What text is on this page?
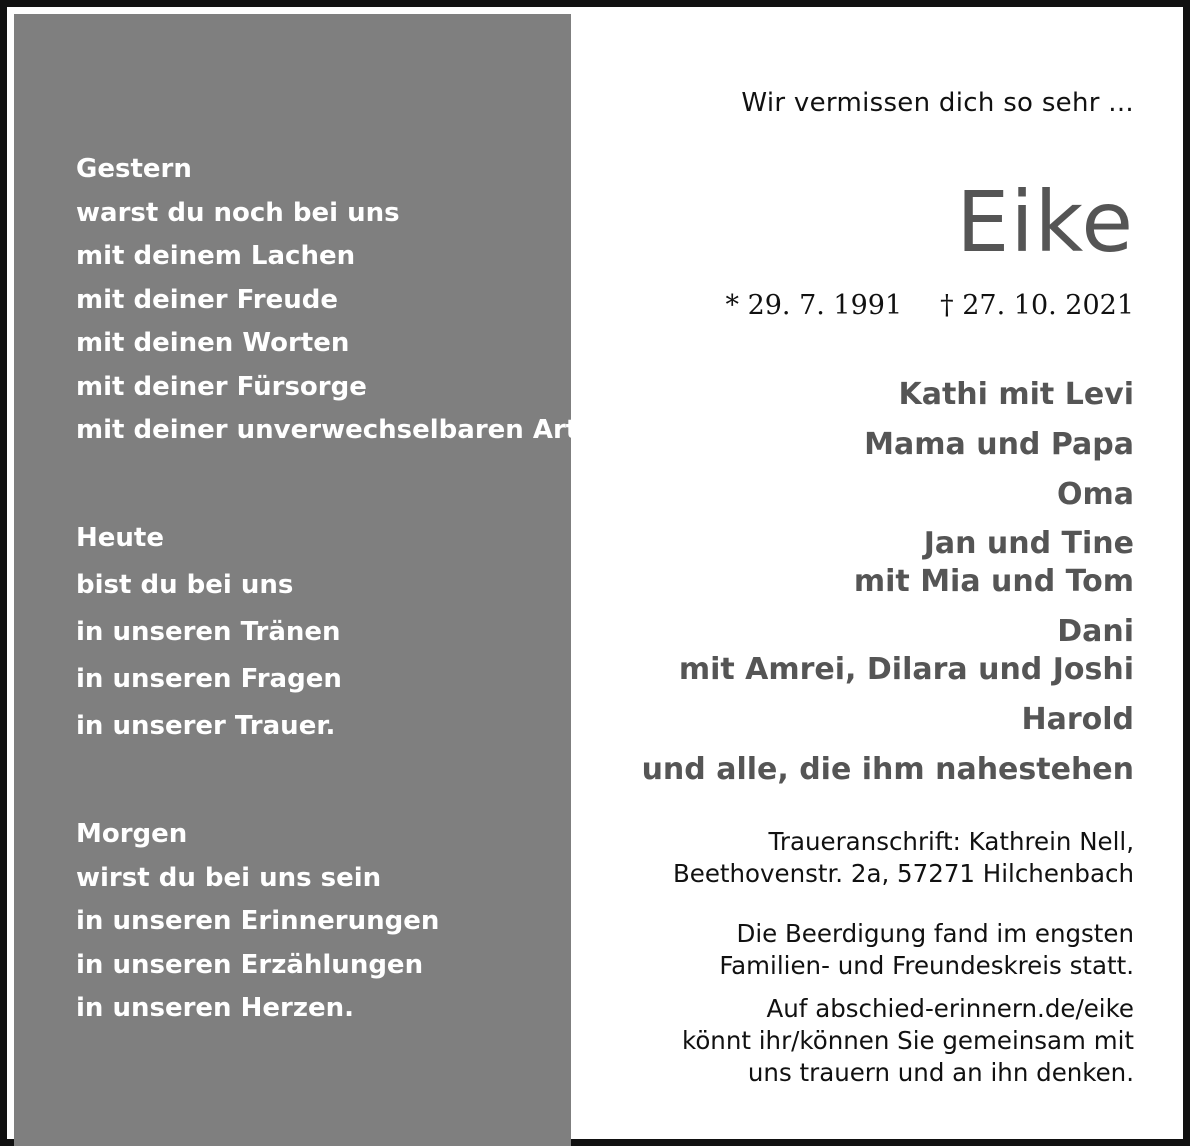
Gestern
warst du noch bei uns
mit deinem Lachen
mit deiner Freude
mit deinen Worten
mit deiner Fürsorge
mit deiner unverwechselbaren Art.
Heute
bist du bei uns
in unseren Tränen
in unseren Fragen
in unserer Trauer.
Morgen
wirst du bei uns sein
in unseren Erinnerungen
in unseren Erzählungen
in unseren Herzen.
Wir vermissen dich so sehr ...
Eike
* 29. 7. 1991 † 27. 10. 2021
Kathi mit Levi
Mama und Papa
Oma
Jan und Tine
mit Mia und Tom
Dani
mit Amrei, Dilara und Joshi
Harold
und alle, die ihm nahestehen
Traueranschrift: Kathrein Nell,
Beethovenstr. 2a, 57271 Hilchenbach
Die Beerdigung fand im engsten
Familien- und Freundeskreis statt.
Auf abschied-erinnern.de/eike
könnt ihr/können Sie gemeinsam mit
uns trauern und an ihn denken.
